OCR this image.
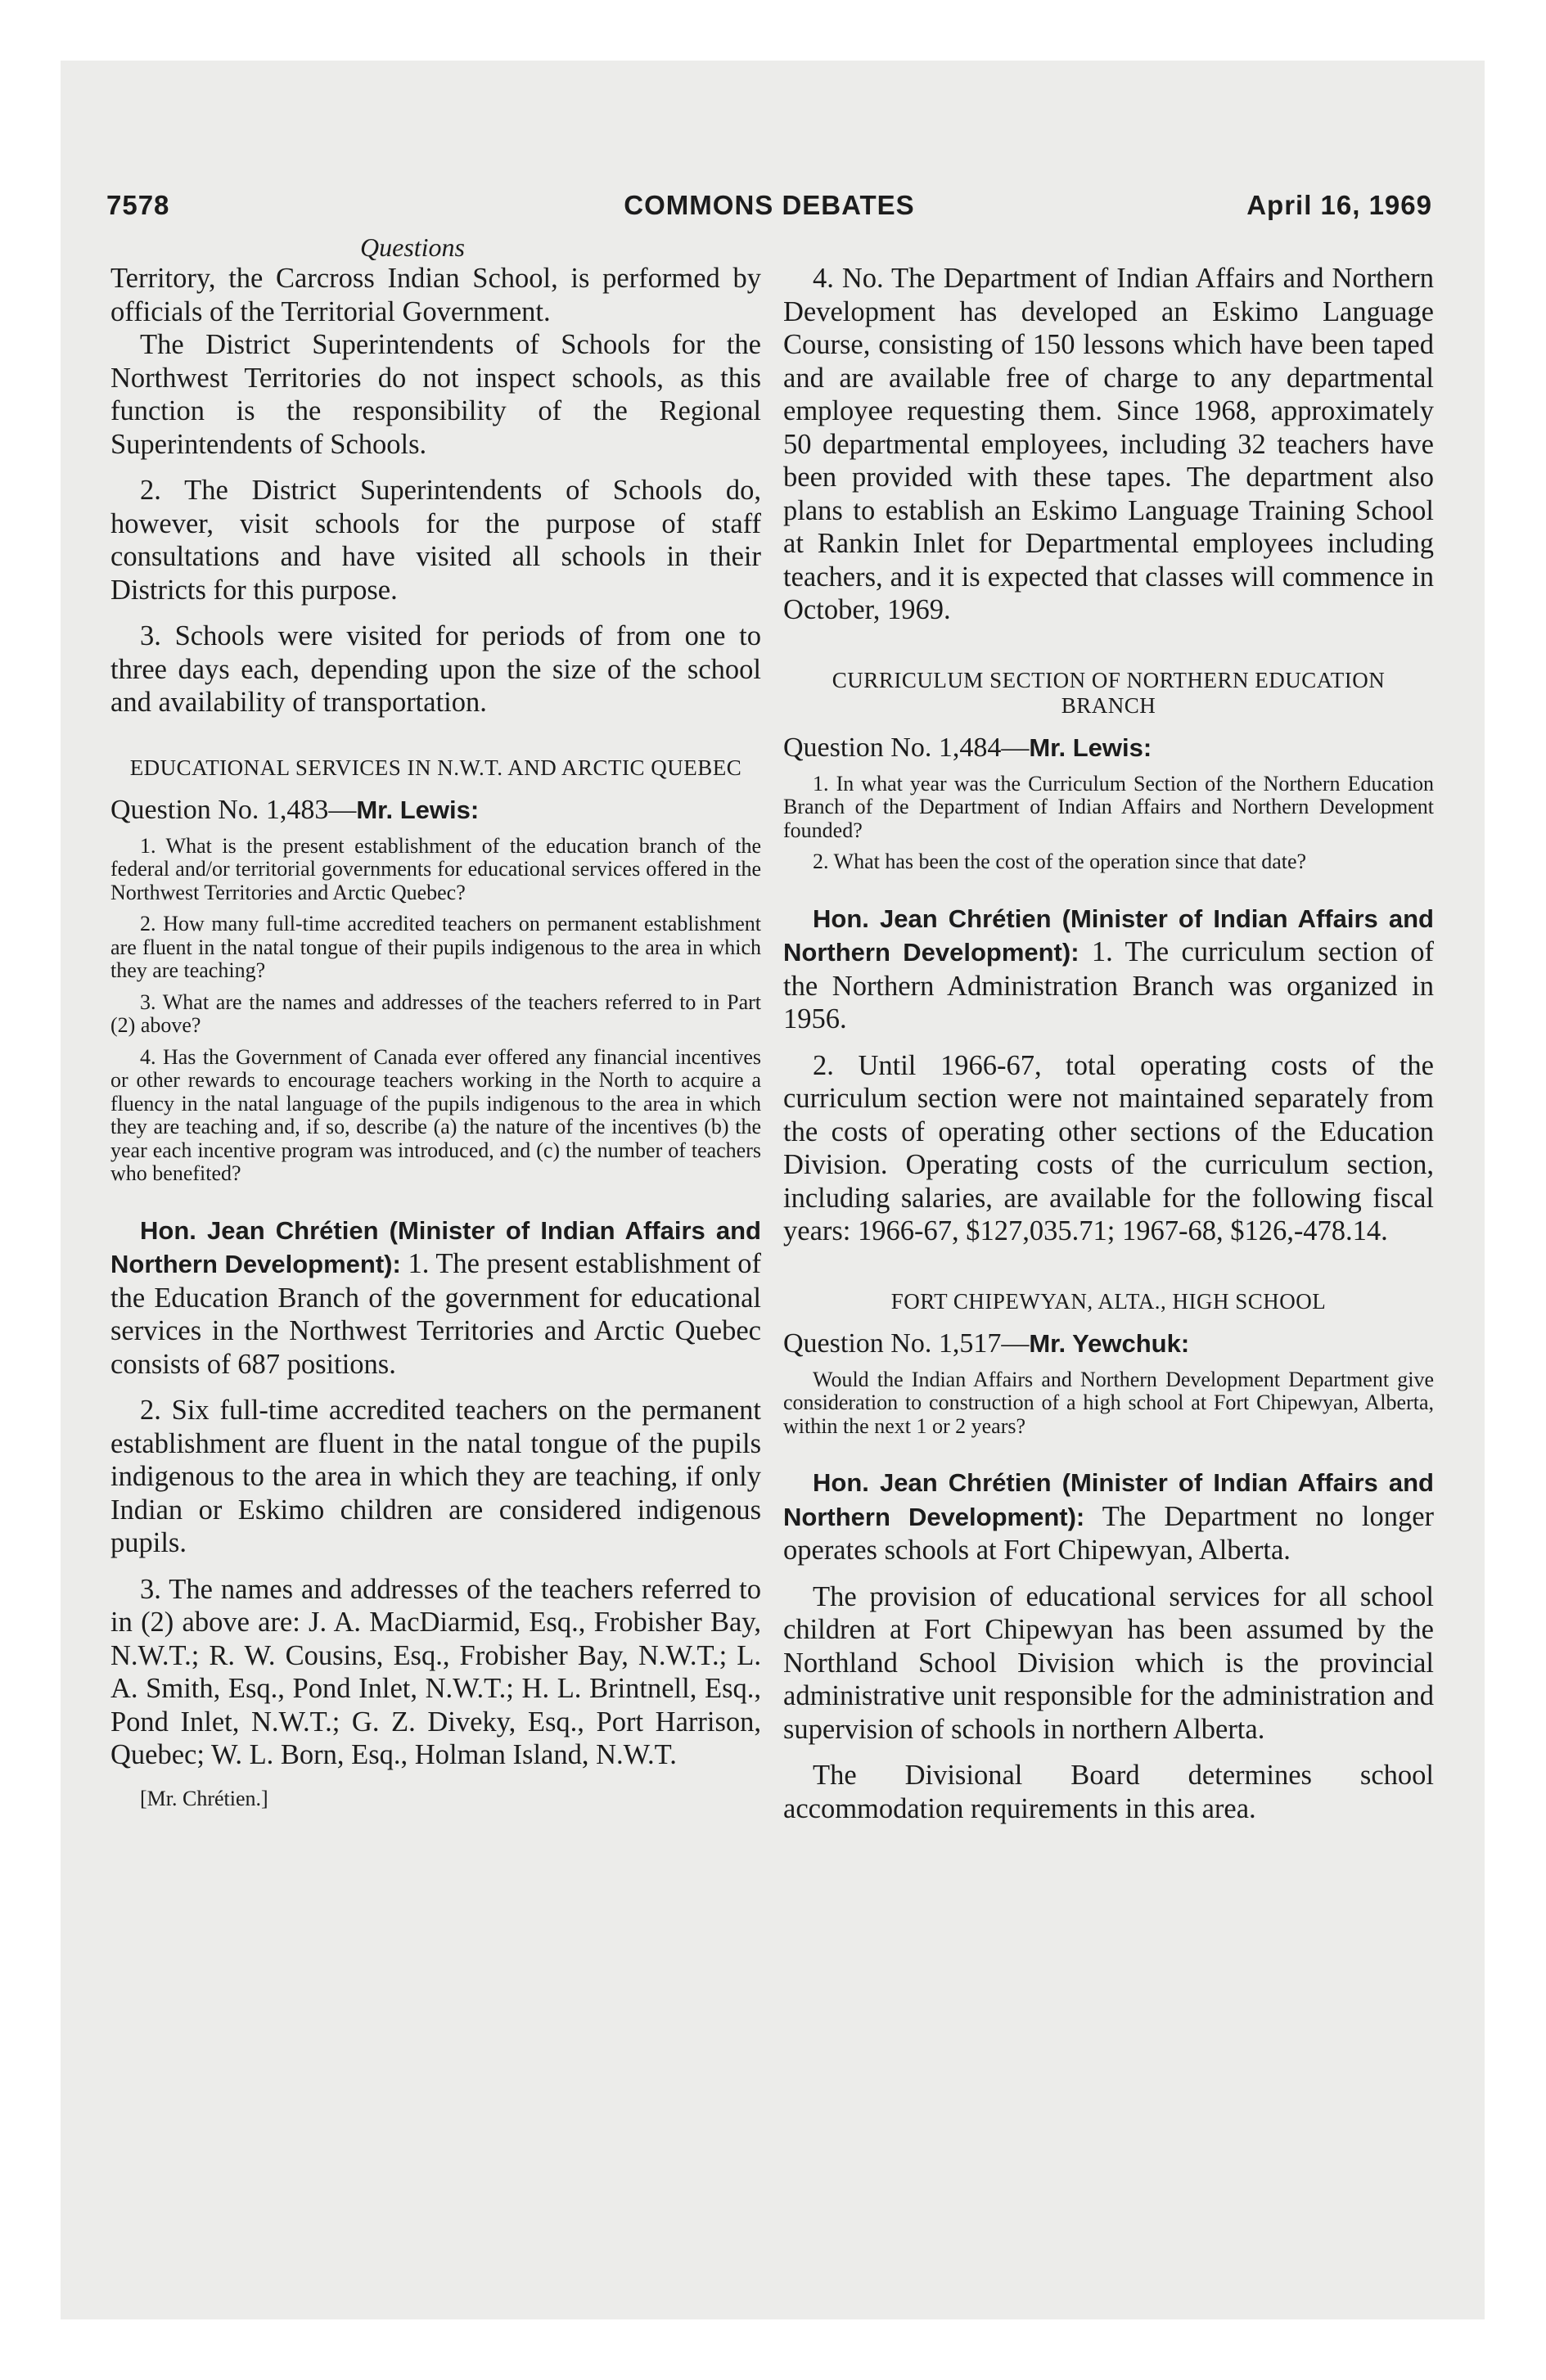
7578	COMMONS DEBATES	April 16, 1969
Questions

Territory, the Carcross Indian School, is performed by officials of the Territorial Government.

The District Superintendents of Schools for the Northwest Territories do not inspect schools, as this function is the responsibility of the Regional Superintendents of Schools.

2. The District Superintendents of Schools do, however, visit schools for the purpose of staff consultations and have visited all schools in their Districts for this purpose.

3. Schools were visited for periods of from one to three days each, depending upon the size of the school and availability of transportation.

EDUCATIONAL SERVICES IN N.W.T. AND ARCTIC QUEBEC

Question No. 1,483—Mr. Lewis:

1. What is the present establishment of the education branch of the federal and/or territorial governments for educational services offered in the Northwest Territories and Arctic Quebec?

2. How many full-time accredited teachers on permanent establishment are fluent in the natal tongue of their pupils indigenous to the area in which they are teaching?

3. What are the names and addresses of the teachers referred to in Part (2) above?

4. Has the Government of Canada ever offered any financial incentives or other rewards to encourage teachers working in the North to acquire a fluency in the natal language of the pupils indigenous to the area in which they are teaching and, if so, describe (a) the nature of the incentives (b) the year each incentive program was introduced, and (c) the number of teachers who benefited?

Hon. Jean Chrétien (Minister of Indian Affairs and Northern Development): 1. The present establishment of the Education Branch of the government for educational services in the Northwest Territories and Arctic Quebec consists of 687 positions.

2. Six full-time accredited teachers on the permanent establishment are fluent in the natal tongue of the pupils indigenous to the area in which they are teaching, if only Indian or Eskimo children are considered indigenous pupils.

3. The names and addresses of the teachers referred to in (2) above are: J. A. MacDiarmid, Esq., Frobisher Bay, N.W.T.; R. W. Cousins, Esq., Frobisher Bay, N.W.T.; L. A. Smith, Esq., Pond Inlet, N.W.T.; H. L. Brintnell, Esq., Pond Inlet, N.W.T.; G. Z. Diveky, Esq., Port Harrison, Quebec; W. L. Born, Esq., Holman Island, N.W.T.

[Mr. Chrétien.]

4. No. The Department of Indian Affairs and Northern Development has developed an Eskimo Language Course, consisting of 150 lessons which have been taped and are available free of charge to any departmental employee requesting them. Since 1968, approximately 50 departmental employees, including 32 teachers have been provided with these tapes. The department also plans to establish an Eskimo Language Training School at Rankin Inlet for Departmental employees including teachers, and it is expected that classes will commence in October, 1969.

CURRICULUM SECTION OF NORTHERN EDUCATION BRANCH

Question No. 1,484—Mr. Lewis:

1. In what year was the Curriculum Section of the Northern Education Branch of the Department of Indian Affairs and Northern Development founded?

2. What has been the cost of the operation since that date?

Hon. Jean Chrétien (Minister of Indian Affairs and Northern Development): 1. The curriculum section of the Northern Administration Branch was organized in 1956.

2. Until 1966-67, total operating costs of the curriculum section were not maintained separately from the costs of operating other sections of the Education Division. Operating costs of the curriculum section, including salaries, are available for the following fiscal years: 1966-67, $127,035.71; 1967-68, $126,-478.14.

FORT CHIPEWYAN, ALTA., HIGH SCHOOL

Question No. 1,517—Mr. Yewchuk:

Would the Indian Affairs and Northern Development Department give consideration to construction of a high school at Fort Chipewyan, Alberta, within the next 1 or 2 years?

Hon. Jean Chrétien (Minister of Indian Affairs and Northern Development): The Department no longer operates schools at Fort Chipewyan, Alberta.

The provision of educational services for all school children at Fort Chipewyan has been assumed by the Northland School Division which is the provincial administrative unit responsible for the administration and supervision of schools in northern Alberta.

The Divisional Board determines school accommodation requirements in this area.
